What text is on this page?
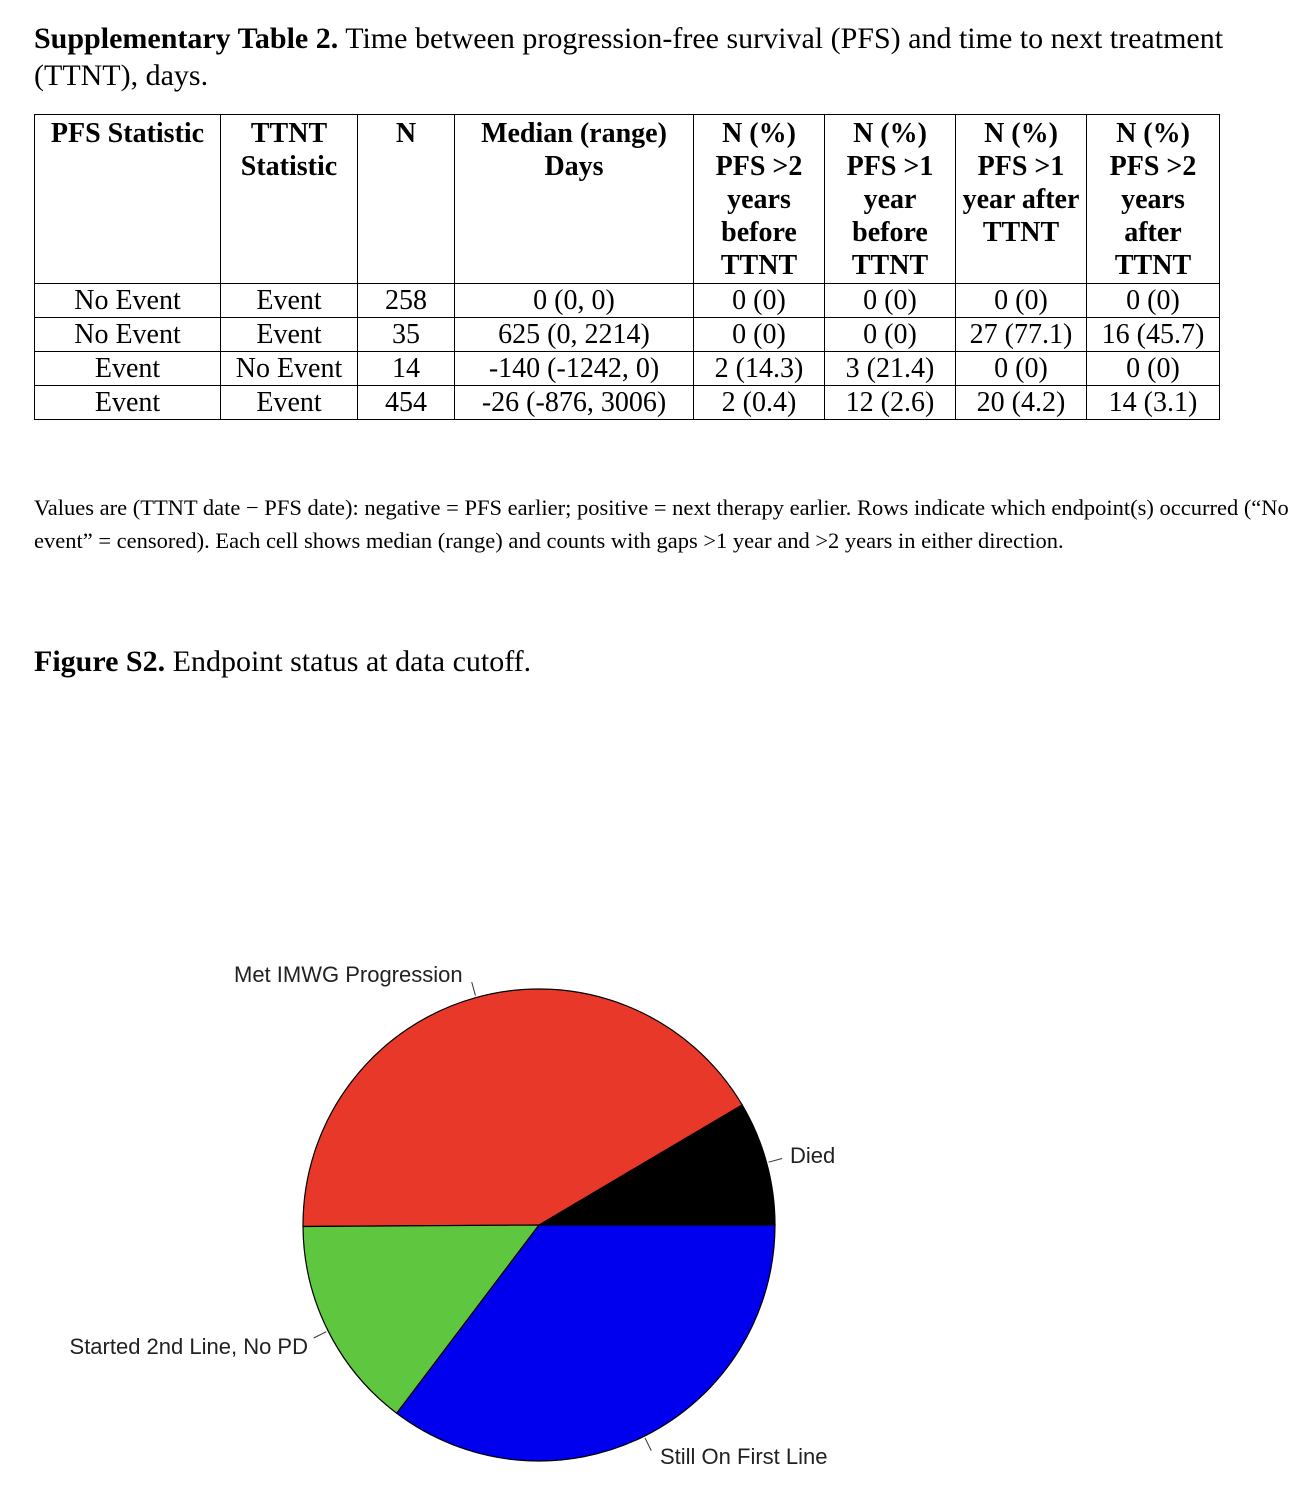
Supplementary Table 2. Time between progression-free survival (PFS) and time to next treatment (TTNT), days.
PFS Statistic	TTNT Statistic	N	Median (range) Days	N (%) PFS >2 years before TTNT	N (%) PFS >1 year before TTNT	N (%) PFS >1 year after TTNT	N (%) PFS >2 years after TTNT
No Event	Event	258	0 (0, 0)	0 (0)	0 (0)	0 (0)	0 (0)
No Event	Event	35	625 (0, 2214)	0 (0)	0 (0)	27 (77.1)	16 (45.7)
Event	No Event	14	-140 (-1242, 0)	2 (14.3)	3 (21.4)	0 (0)	0 (0)
Event	Event	454	-26 (-876, 3006)	2 (0.4)	12 (2.6)	20 (4.2)	14 (3.1)
Values are (TTNT date − PFS date): negative = PFS earlier; positive = next therapy earlier. Rows indicate which endpoint(s) occurred (“No event” = censored). Each cell shows median (range) and counts with gaps >1 year and >2 years in either direction.
Figure S2. Endpoint status at data cutoff.
Died
Met IMWG Progression
Started 2nd Line, No PD
Still On First Line
